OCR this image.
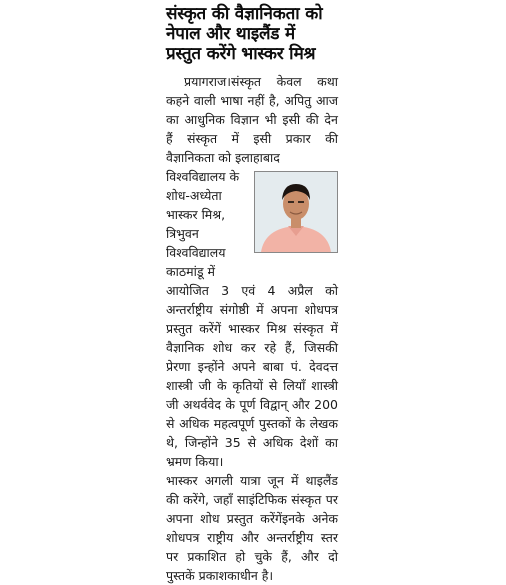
संस्कृत की वैज्ञानिकता को
नेपाल और थाइलैंड में
प्रस्तुत करेंगे भास्कर मिश्र
प्रयागराज।संस्कृत केवल कथा कहने वाली भाषा नहीं है, अपितु आज का आधुनिक विज्ञान भी इसी की देन हैं संस्कृत में इसी प्रकार की वैज्ञानिकता को इलाहाबाद
विश्वविद्यालय के
शोध-अध्येता
भास्कर मिश्र,
त्रिभुवन
विश्वविद्यालय
काठमांडू में
आयोजित 3 एवं 4 अप्रैल को अन्तर्राष्ट्रीय संगोष्ठी में अपना शोधपत्र प्रस्तुत करेंगें भास्कर मिश्र संस्कृत में वैज्ञानिक शोध कर रहे हैं, जिसकी प्रेरणा इन्होंने अपने बाबा पं. देवदत्त शास्त्री जी के कृतियों से लियाँ शास्त्री जी अथर्ववेद के पूर्ण विद्वान् और 200 से अधिक महत्वपूर्ण पुस्तकों के लेखक थे, जिन्होंने 35 से अधिक देशों का भ्रमण किया।
भास्कर अगली यात्रा जून में थाइलैंड की करेंगे, जहाँ साइंटिफिक संस्कृत पर अपना शोध प्रस्तुत करेंगेंइनके अनेक शोधपत्र राष्ट्रीय और अन्तर्राष्ट्रीय स्तर पर प्रकाशित हो चुके हैं, और दो पुस्तकें प्रकाशकाधीन है।
